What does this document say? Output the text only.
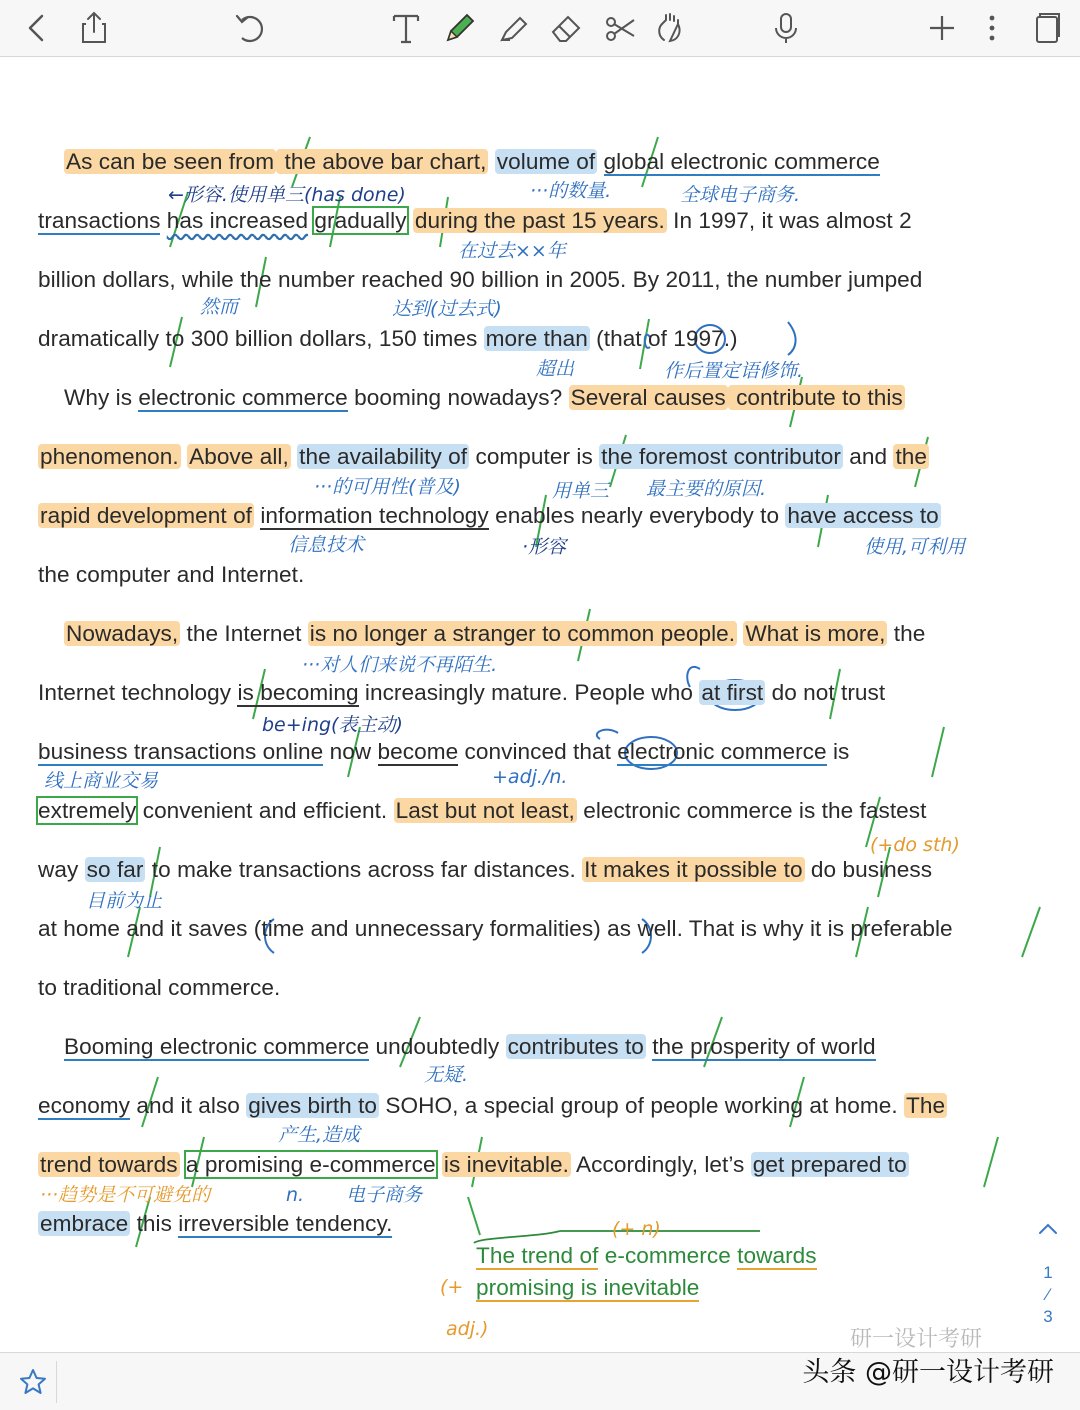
As can be seen from the above bar chart, volume of global electronic commerce
transactions has increased gradually during the past 15 years. In 1997, it was almost 2
billion dollars, while the number reached 90 billion in 2005. By 2011, the number jumped
dramatically to 300 billion dollars, 150 times more than (that of 1997.)
Why is electronic commerce booming nowadays? Several causes contribute to this
phenomenon. Above all, the availability of computer is the foremost contributor and the
rapid development of information technology enables nearly everybody to have access to
the computer and Internet.
Nowadays, the Internet is no longer a stranger to common people. What is more, the
Internet technology is becoming increasingly mature. People who at first do not trust
business transactions online now become convinced that electronic commerce is
extremely convenient and efficient. Last but not least, electronic commerce is the fastest
way so far to make transactions across far distances. It makes it possible to do business
at home and it saves (time and unnecessary formalities) as well. That is why it is preferable
to traditional commerce.
Booming electronic commerce undoubtedly contributes to the prosperity of world
economy and it also gives birth to SOHO, a special group of people working at home. The
trend towards a promising e-commerce is inevitable. Accordingly, let’s get prepared to
embrace this irreversible tendency.
The trend of e-commerce towards
promising is inevitable
←形容.使用单三(has done)	···的数量.	全球电子商务.
在过去××年
然而	达到(过去式)
超出	作后置定语修饰.
···的可用性(普及)	用单三 最主要的原因.
信息技术	·形容	使用,可利用
···对人们来说不再陌生.
be+ing(表主动)
线上商业交易	+adj./n.
(+do sth)
目前为止
无疑.
产生,造成
···趋势是不可避免的	n. 电子商务
(+ n)
(+
adj.)
1
⁄
3
研一设计考研
头条 @研一设计考研
